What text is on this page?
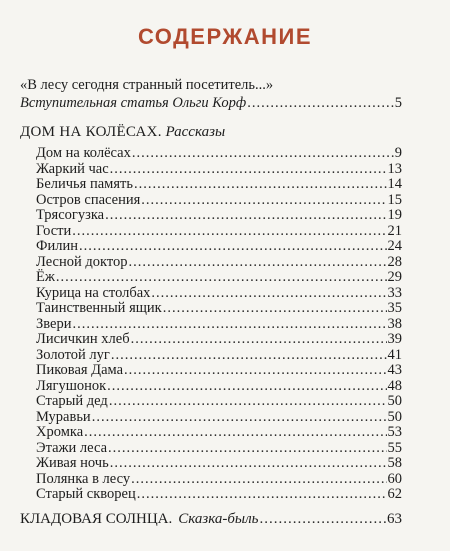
СОДЕРЖАНИЕ
«В лесу сегодня странный посетитель...»
Вступительная статья Ольги Корф .....	5
ДОМ НА КОЛЁСАХ. Рассказы
Дом на колёсах .....	9
Жаркий час .....	13
Беличья память .....	14
Остров спасения .....	15
Трясогузка .....	19
Гости .....	21
Филин .....	24
Лесной доктор .....	28
Ёж .....	29
Курица на столбах .....	33
Таинственный ящик .....	35
Звери .....	38
Лисичкин хлеб .....	39
Золотой луг .....	41
Пиковая Дама .....	43
Лягушонок .....	48
Старый дед .....	50
Муравьи .....	50
Хромка .....	53
Этажи леса .....	55
Живая ночь .....	58
Полянка в лесу .....	60
Старый скворец .....	62
КЛАДОВАЯ СОЛНЦА. Сказка-быль .....	63
